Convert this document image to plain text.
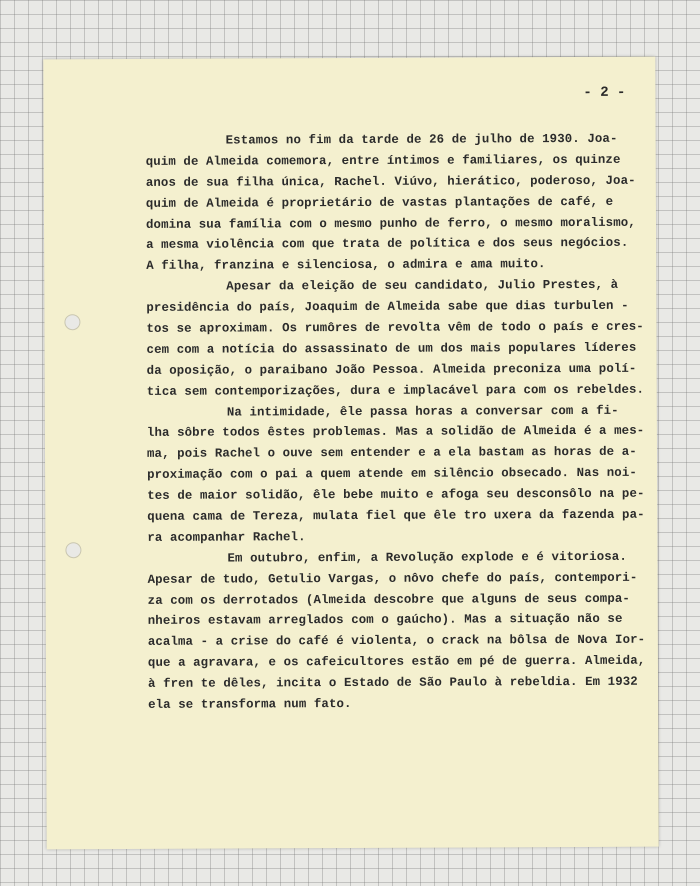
- 2 -
Estamos no fim da tarde de 26 de julho de 1930. Joa-
quim de Almeida comemora, entre íntimos e familiares, os quinze
anos de sua filha única, Rachel. Viúvo, hierático, poderoso, Joa-
quim de Almeida é proprietário de vastas plantações de café, e
domina sua família com o mesmo punho de ferro, o mesmo moralismo,
a mesma violência com que trata de política e dos seus negócios.
A filha, franzina e silenciosa, o admira e ama muito.
Apesar da eleição de seu candidato, Julio Prestes, à
presidência do país, Joaquim de Almeida sabe que dias turbulen -
tos se aproximam. Os rumôres de revolta vêm de todo o país e cres-
cem com a notícia do assassinato de um dos mais populares líderes
da oposição, o paraibano João Pessoa. Almeida preconiza uma polí-
tica sem contemporizações, dura e implacável para com os rebeldes.
Na intimidade, êle passa horas a conversar com a fi-
lha sôbre todos êstes problemas. Mas a solidão de Almeida é a mes-
ma, pois Rachel o ouve sem entender e a ela bastam as horas de a-
proximação com o pai a quem atende em silêncio obsecado. Nas noi-
tes de maior solidão, êle bebe muito e afoga seu desconsôlo na pe-
quena cama de Tereza, mulata fiel que êle tro uxera da fazenda pa-
ra acompanhar Rachel.
Em outubro, enfim, a Revolução explode e é vitoriosa.
Apesar de tudo, Getulio Vargas, o nôvo chefe do país, contempori-
za com os derrotados (Almeida descobre que alguns de seus compa-
nheiros estavam arreglados com o gaúcho). Mas a situação não se
acalma - a crise do café é violenta, o crack na bôlsa de Nova Ior-
que a agravara, e os cafeicultores estão em pé de guerra. Almeida,
à fren te dêles, incita o Estado de São Paulo à rebeldia. Em 1932
ela se transforma num fato.
